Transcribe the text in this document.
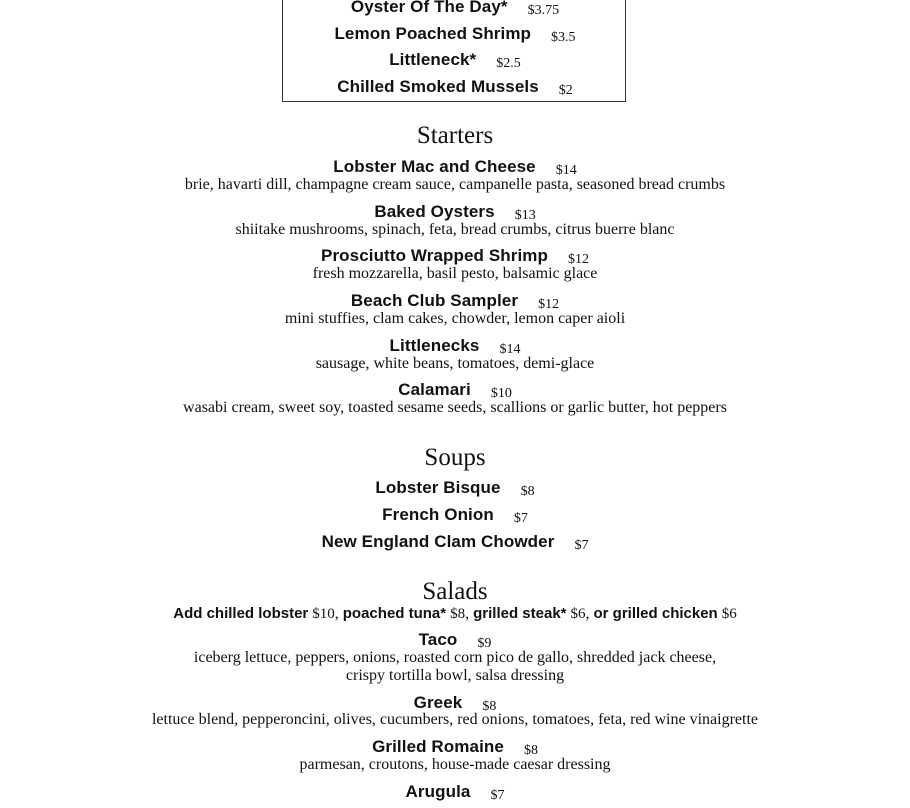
Oyster Of The Day* $3.75
Lemon Poached Shrimp $3.5
Littleneck* $2.5
Chilled Smoked Mussels $2
Starters
Lobster Mac and Cheese $14
brie, havarti dill, champagne cream sauce, campanelle pasta, seasoned bread crumbs
Baked Oysters $13
shiitake mushrooms, spinach, feta, bread crumbs, citrus buerre blanc
Prosciutto Wrapped Shrimp $12
fresh mozzarella, basil pesto, balsamic glace
Beach Club Sampler $12
mini stuffies, clam cakes, chowder, lemon caper aioli
Littlenecks $14
sausage, white beans, tomatoes, demi-glace
Calamari $10
wasabi cream, sweet soy, toasted sesame seeds, scallions or garlic butter, hot peppers
Soups
Lobster Bisque $8
French Onion $7
New England Clam Chowder $7
Salads
Add chilled lobster $10, poached tuna* $8, grilled steak* $6, or grilled chicken $6
Taco $9
iceberg lettuce, peppers, onions, roasted corn pico de gallo, shredded jack cheese,
crispy tortilla bowl, salsa dressing
Greek $8
lettuce blend, pepperoncini, olives, cucumbers, red onions, tomatoes, feta, red wine vinaigrette
Grilled Romaine $8
parmesan, croutons, house-made caesar dressing
Arugula $7
